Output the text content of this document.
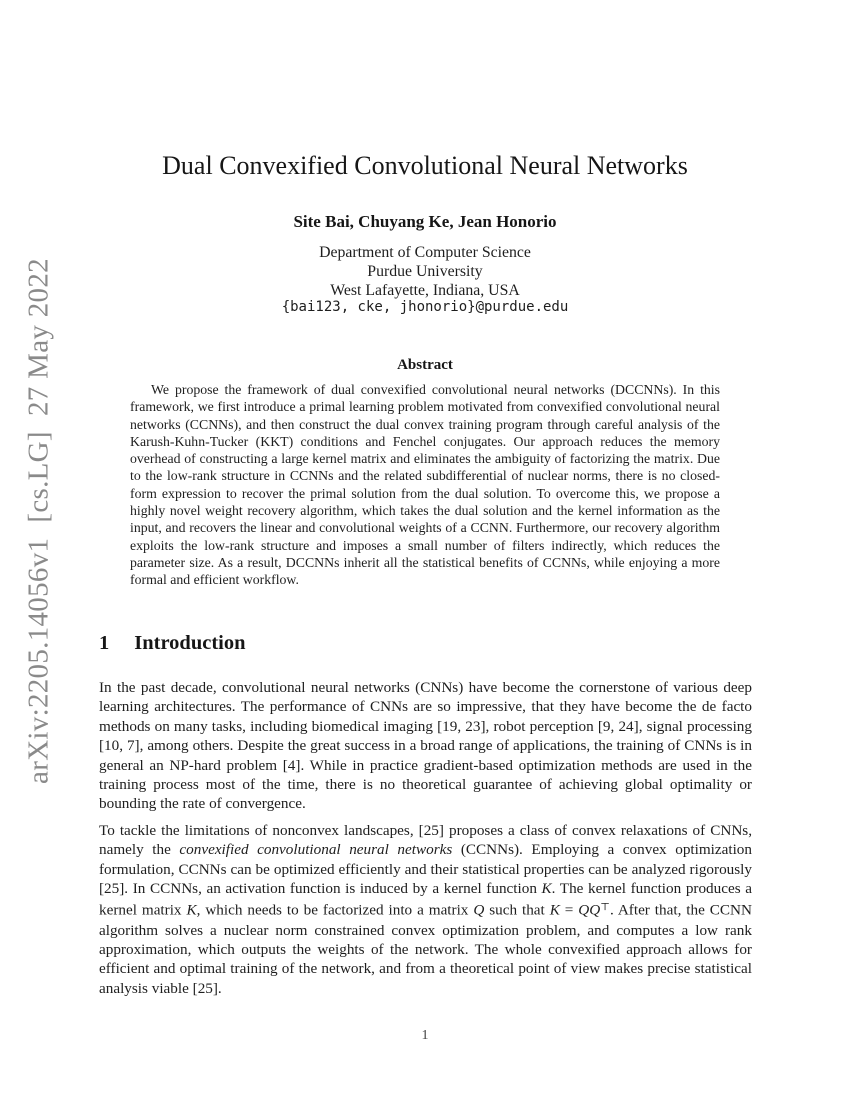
arXiv:2205.14056v1  [cs.LG]  27 May 2022
Dual Convexified Convolutional Neural Networks
Site Bai, Chuyang Ke, Jean Honorio
Department of Computer Science
Purdue University
West Lafayette, Indiana, USA
{bai123, cke, jhonorio}@purdue.edu
Abstract
We propose the framework of dual convexified convolutional neural networks (DCCNNs). In this framework, we first introduce a primal learning problem motivated from convexified convolutional neural networks (CCNNs), and then construct the dual convex training program through careful analysis of the Karush-Kuhn-Tucker (KKT) conditions and Fenchel conjugates. Our approach reduces the memory overhead of constructing a large kernel matrix and eliminates the ambiguity of factorizing the matrix. Due to the low-rank structure in CCNNs and the related subdifferential of nuclear norms, there is no closed-form expression to recover the primal solution from the dual solution. To overcome this, we propose a highly novel weight recovery algorithm, which takes the dual solution and the kernel information as the input, and recovers the linear and convolutional weights of a CCNN. Furthermore, our recovery algorithm exploits the low-rank structure and imposes a small number of filters indirectly, which reduces the parameter size. As a result, DCCNNs inherit all the statistical benefits of CCNNs, while enjoying a more formal and efficient workflow.
1 Introduction

In the past decade, convolutional neural networks (CNNs) have become the cornerstone of various deep learning architectures. The performance of CNNs are so impressive, that they have become the de facto methods on many tasks, including biomedical imaging [19, 23], robot perception [9, 24], signal processing [10, 7], among others. Despite the great success in a broad range of applications, the training of CNNs is in general an NP-hard problem [4]. While in practice gradient-based optimization methods are used in the training process most of the time, there is no theoretical guarantee of achieving global optimality or bounding the rate of convergence.

To tackle the limitations of nonconvex landscapes, [25] proposes a class of convex relaxations of CNNs, namely the convexified convolutional neural networks (CCNNs). Employing a convex optimization formulation, CCNNs can be optimized efficiently and their statistical properties can be analyzed rigorously [25]. In CCNNs, an activation function is induced by a kernel function K. The kernel function produces a kernel matrix K, which needs to be factorized into a matrix Q such that K = QQ⊤. After that, the CCNN algorithm solves a nuclear norm constrained convex optimization problem, and computes a low rank approximation, which outputs the weights of the network. The whole convexified approach allows for efficient and optimal training of the network, and from a theoretical point of view makes precise statistical analysis viable [25].

1
